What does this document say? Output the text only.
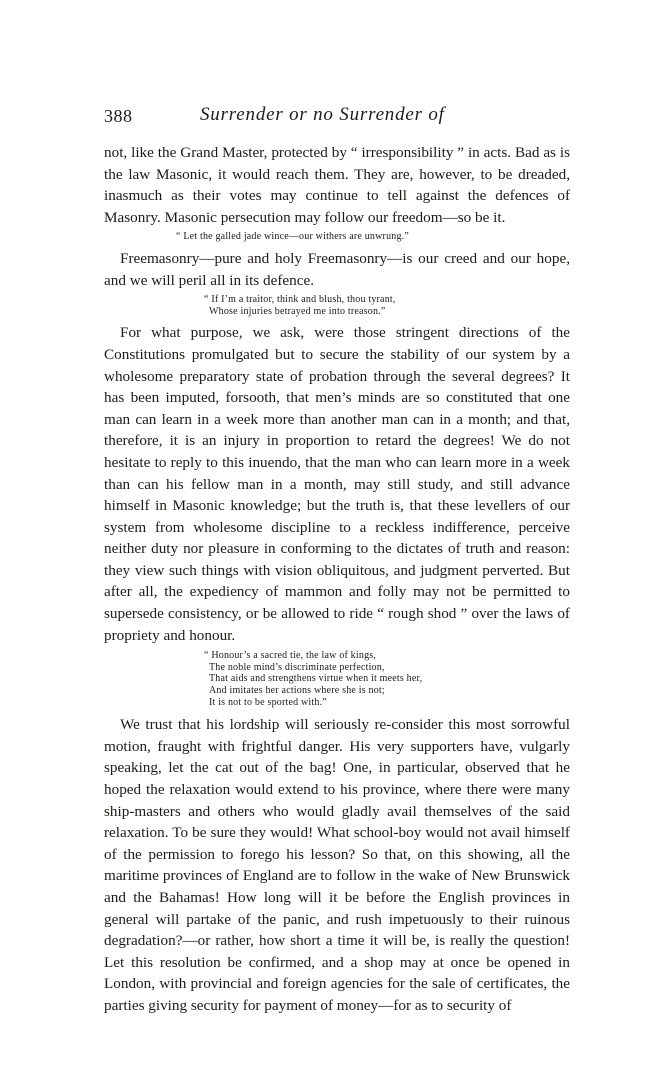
388	Surrender or no Surrender of

not, like the Grand Master, protected by “ irresponsibility ” in acts. Bad as is the law Masonic, it would reach them. They are, however, to be dreaded, inasmuch as their votes may continue to tell against the defences of Masonry. Masonic persecution may follow our freedom—so be it.

“ Let the galled jade wince—our withers are unwrung.”

Freemasonry—pure and holy Freemasonry—is our creed and our hope, and we will peril all in its defence.

“ If I’m a traitor, think and blush, thou tyrant,
Whose injuries betrayed me into treason.”

For what purpose, we ask, were those stringent directions of the Constitutions promulgated but to secure the stability of our system by a wholesome preparatory state of probation through the several degrees? It has been imputed, forsooth, that men’s minds are so constituted that one man can learn in a week more than another man can in a month; and that, therefore, it is an injury in proportion to retard the degrees! We do not hesitate to reply to this inuendo, that the man who can learn more in a week than can his fellow man in a month, may still study, and still advance himself in Masonic knowledge; but the truth is, that these levellers of our system from wholesome discipline to a reckless indifference, perceive neither duty nor pleasure in conforming to the dictates of truth and reason: they view such things with vision obliquitous, and judgment perverted. But after all, the expediency of mammon and folly may not be permitted to supersede consistency, or be allowed to ride “ rough shod ” over the laws of propriety and honour.

“ Honour’s a sacred tie, the law of kings,
The noble mind’s discriminate perfection,
That aids and strengthens virtue when it meets her,
And imitates her actions where she is not;
It is not to be sported with.”

We trust that his lordship will seriously re-consider this most sorrowful motion, fraught with frightful danger. His very supporters have, vulgarly speaking, let the cat out of the bag! One, in particular, observed that he hoped the relaxation would extend to his province, where there were many ship-masters and others who would gladly avail themselves of the said relaxation. To be sure they would! What school-boy would not avail himself of the permission to forego his lesson? So that, on this showing, all the maritime provinces of England are to follow in the wake of New Brunswick and the Bahamas! How long will it be before the English provinces in general will partake of the panic, and rush impetuously to their ruinous degradation?—or rather, how short a time it will be, is really the question! Let this resolution be confirmed, and a shop may at once be opened in London, with provincial and foreign agencies for the sale of certificates, the parties giving security for payment of money—for as to security of
